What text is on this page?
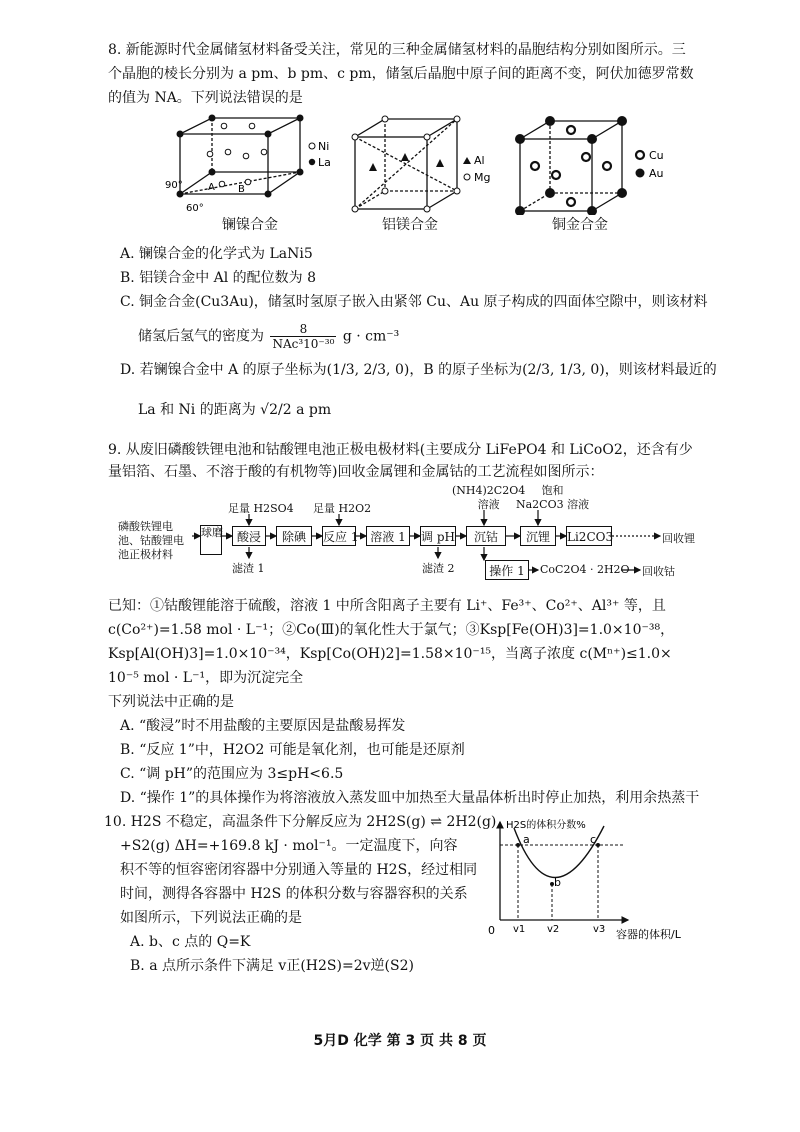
8. 新能源时代金属储氢材料备受关注，常见的三种金属储氢材料的晶胞结构分别如图所示。三
个晶胞的棱长分别为 a pm、b pm、c pm，储氢后晶胞中原子间的距离不变，阿伏加德罗常数
的值为 NA。下列说法错误的是
90°
60°
A B
Ni
La
镧镍合金
Al
Mg
铝镁合金
Cu
Au
铜金合金
A. 镧镍合金的化学式为 LaNi5
B. 铝镁合金中 Al 的配位数为 8
C. 铜金合金(Cu3Au)，储氢时氢原子嵌入由紧邻 Cu、Au 原子构成的四面体空隙中，则该材料
储氢后氢气的密度为	8
NAc³10⁻³⁰ g · cm⁻³
D. 若镧镍合金中 A 的原子坐标为(1/3, 2/3, 0)，B 的原子坐标为(2/3, 1/3, 0)，则该材料最近的
La 和 Ni 的距离为 √2/2 a pm
9. 从废旧磷酸铁锂电池和钴酸锂电池正极电极材料(主要成分 LiFePO4 和 LiCoO2，还含有少
量铝箔、石墨、不溶于酸的有机物等)回收金属锂和金属钴的工艺流程如图所示：
磷酸铁锂电
池、钴酸锂电
池正极材料
球磨
足量 H2SO4
酸浸
滤渣 1
除碘
足量 H2O2
反应 1 溶液 1	调 pH
滤渣 2
(NH4)2C2O4
溶液
沉钴
饱和
Na2CO3 溶液
沉锂	Li2CO3	回收锂
操作 1	CoC2O4 · 2H2O 回收钴
已知：①钴酸锂能溶于硫酸，溶液 1 中所含阳离子主要有 Li⁺、Fe³⁺、Co²⁺、Al³⁺ 等，且
c(Co²⁺)=1.58 mol · L⁻¹；②Co(Ⅲ)的氧化性大于氯气；③Ksp[Fe(OH)3]=1.0×10⁻³⁸，
Ksp[Al(OH)3]=1.0×10⁻³⁴，Ksp[Co(OH)2]=1.58×10⁻¹⁵，当离子浓度 c(Mⁿ⁺)≤1.0×
10⁻⁵ mol · L⁻¹，即为沉淀完全
下列说法中正确的是
A. “酸浸”时不用盐酸的主要原因是盐酸易挥发
B. “反应 1”中，H2O2 可能是氧化剂，也可能是还原剂
C. “调 pH”的范围应为 3≤pH<6.5
D. “操作 1”的具体操作为将溶液放入蒸发皿中加热至大量晶体析出时停止加热，利用余热蒸干
10. H2S 不稳定，高温条件下分解反应为 2H2S(g) ⇌ 2H2(g)
+S2(g) ΔH=+169.8 kJ · mol⁻¹。一定温度下，向容
积不等的恒容密闭容器中分别通入等量的 H2S，经过相同
时间，测得各容器中 H2S 的体积分数与容器容积的关系
如图所示，下列说法正确的是
A. b、c 点的 Q=K
B. a 点所示条件下满足 v正(H2S)=2v逆(S2)
H2S的体积分数%
容器的体积/L
0
a
b
c
v1 v2	v3
5月D 化学 第 3 页 共 8 页
